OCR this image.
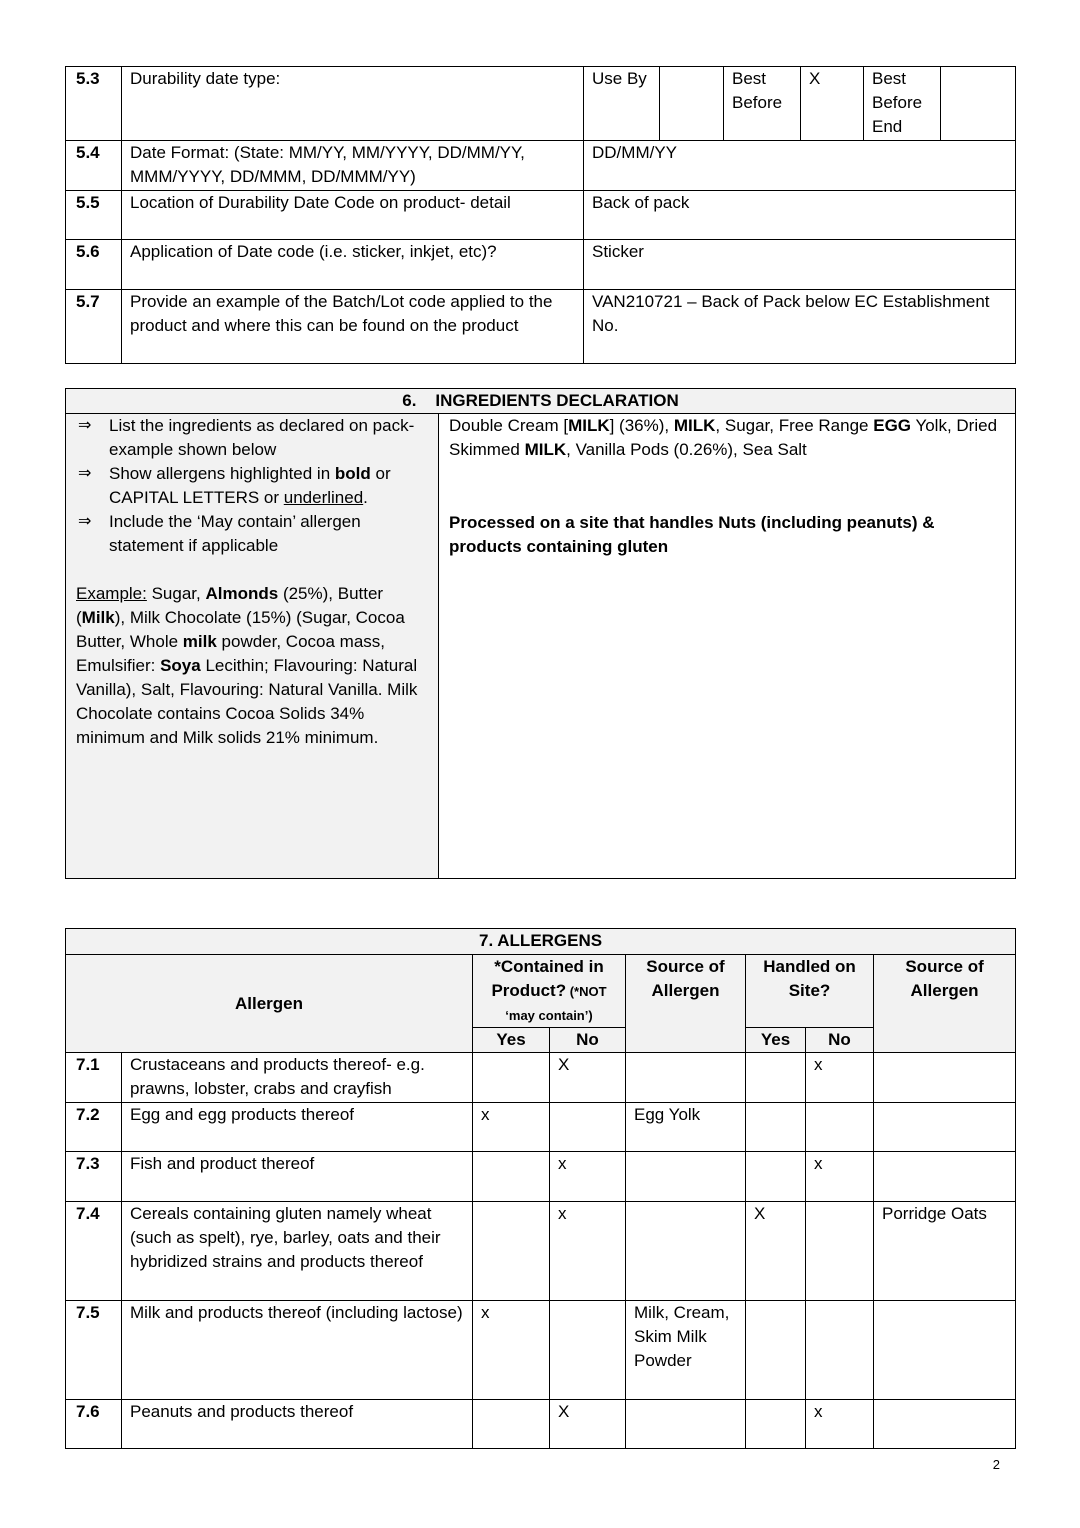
5.3	Durability date type:	Use By		Best Before	X	Best Before End	
5.4	Date Format: (State: MM/YY, MM/YYYY, DD/MM/YY, MMM/YYYY, DD/MMM, DD/MMM/YY)	DD/MM/YY					
5.5	Location of Durability Date Code on product- detail	Back of pack					
5.6	Application of Date code (i.e. sticker, inkjet, etc)?	Sticker					
5.7	Provide an example of the Batch/Lot code applied to the product and where this can be found on the product	VAN210721 – Back of Pack below EC Establishment No.					
6. INGREDIENTS DECLARATION

⇒ List the ingredients as declared on pack- example shown below
⇒ Show allergens highlighted in bold or CAPITAL LETTERS or underlined.
⇒ Include the ‘May contain’ allergen statement if applicable
Example: Sugar, Almonds (25%), Butter (Milk), Milk Chocolate (15%) (Sugar, Cocoa Butter, Whole milk powder, Cocoa mass, Emulsifier: Soya Lecithin; Flavouring: Natural Vanilla), Salt, Flavouring: Natural Vanilla. Milk Chocolate contains Cocoa Solids 34% minimum and Milk solids 21% minimum.

Double Cream [MILK] (36%), MILK, Sugar, Free Range EGG Yolk, Dried Skimmed MILK, Vanilla Pods (0.26%), Sea Salt
Processed on a site that handles Nuts (including peanuts) & products containing gluten
7. ALLERGENS							
Allergen		*Contained in Product? (*NOT ‘may contain’)		Source of Allergen	Handled on Site?		Source of Allergen
		Yes	No		Yes	No	
7.1	Crustaceans and products thereof- e.g. prawns, lobster, crabs and crayfish		X			x	
7.2	Egg and egg products thereof	x		Egg Yolk			
7.3	Fish and product thereof		x			x	
7.4	Cereals containing gluten namely wheat (such as spelt), rye, barley, oats and their hybridized strains and products thereof		x		X		Porridge Oats
7.5	Milk and products thereof (including lactose)	x		Milk, Cream, Skim Milk Powder			
7.6	Peanuts and products thereof		X			x	
2
